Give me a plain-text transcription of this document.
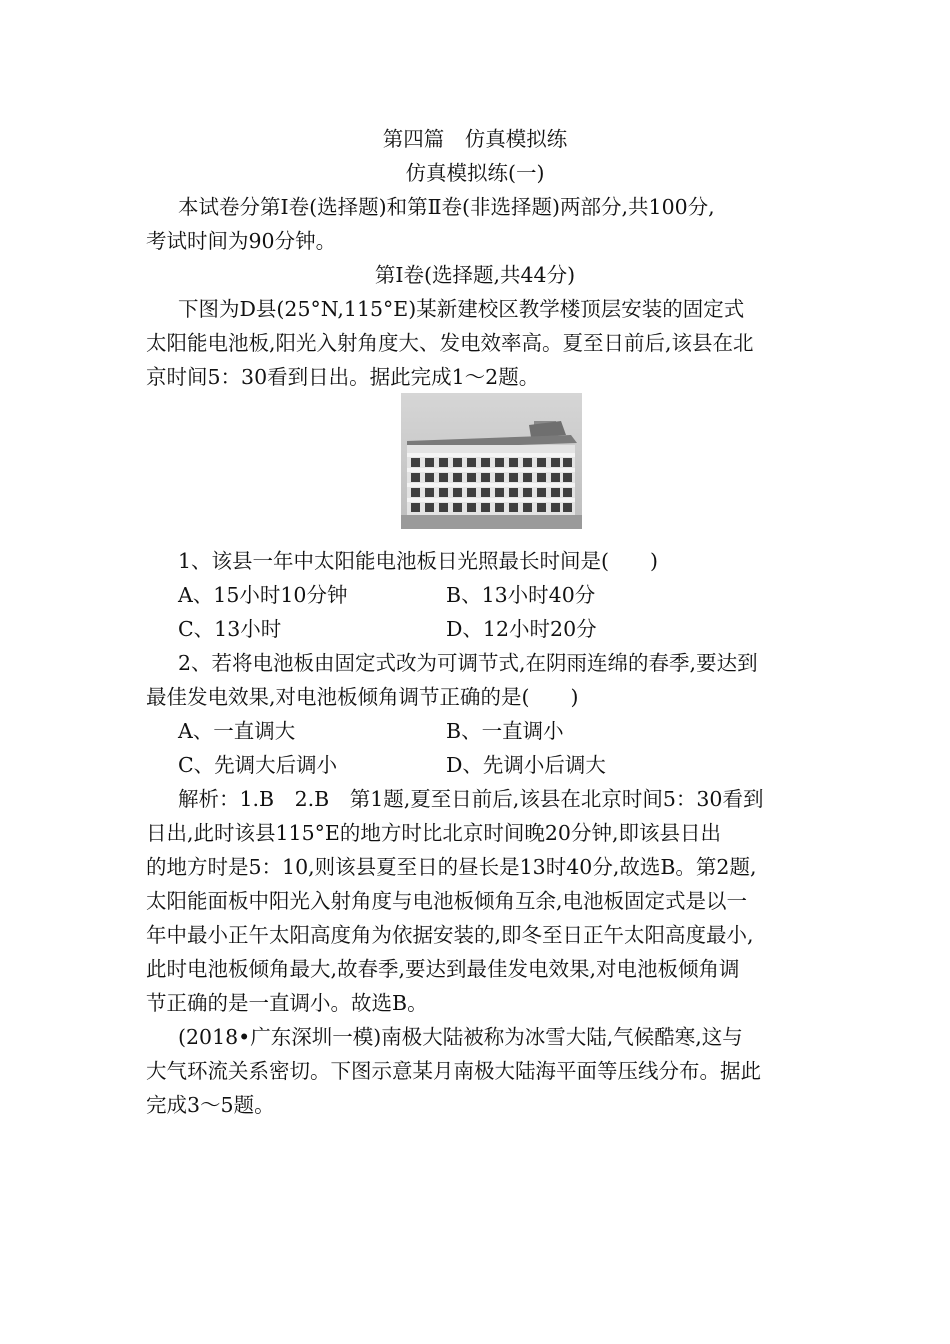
第四篇　仿真模拟练
仿真模拟练(一)
本试卷分第Ⅰ卷(选择题)和第Ⅱ卷(非选择题)两部分,共100分,
考试时间为90分钟。
第Ⅰ卷(选择题,共44分)
下图为D县(25°N,115°E)某新建校区教学楼顶层安装的固定式
太阳能电池板,阳光入射角度大、发电效率高。夏至日前后,该县在北
京时间5：30看到日出。据此完成1～2题。
1、该县一年中太阳能电池板日光照最长时间是(　　)
A、15小时10分钟	B、13小时40分
C、13小时	D、12小时20分
2、若将电池板由固定式改为可调节式,在阴雨连绵的春季,要达到
最佳发电效果,对电池板倾角调节正确的是(　　)
A、一直调大	B、一直调小
C、先调大后调小	D、先调小后调大
解析：1.B　2.B　第1题,夏至日前后,该县在北京时间5：30看到
日出,此时该县115°E的地方时比北京时间晚20分钟,即该县日出
的地方时是5：10,则该县夏至日的昼长是13时40分,故选B。第2题,
太阳能面板中阳光入射角度与电池板倾角互余,电池板固定式是以一
年中最小正午太阳高度角为依据安装的,即冬至日正午太阳高度最小,
此时电池板倾角最大,故春季,要达到最佳发电效果,对电池板倾角调
节正确的是一直调小。故选B。
(2018•广东深圳一模)南极大陆被称为冰雪大陆,气候酷寒,这与
大气环流关系密切。下图示意某月南极大陆海平面等压线分布。据此
完成3～5题。
